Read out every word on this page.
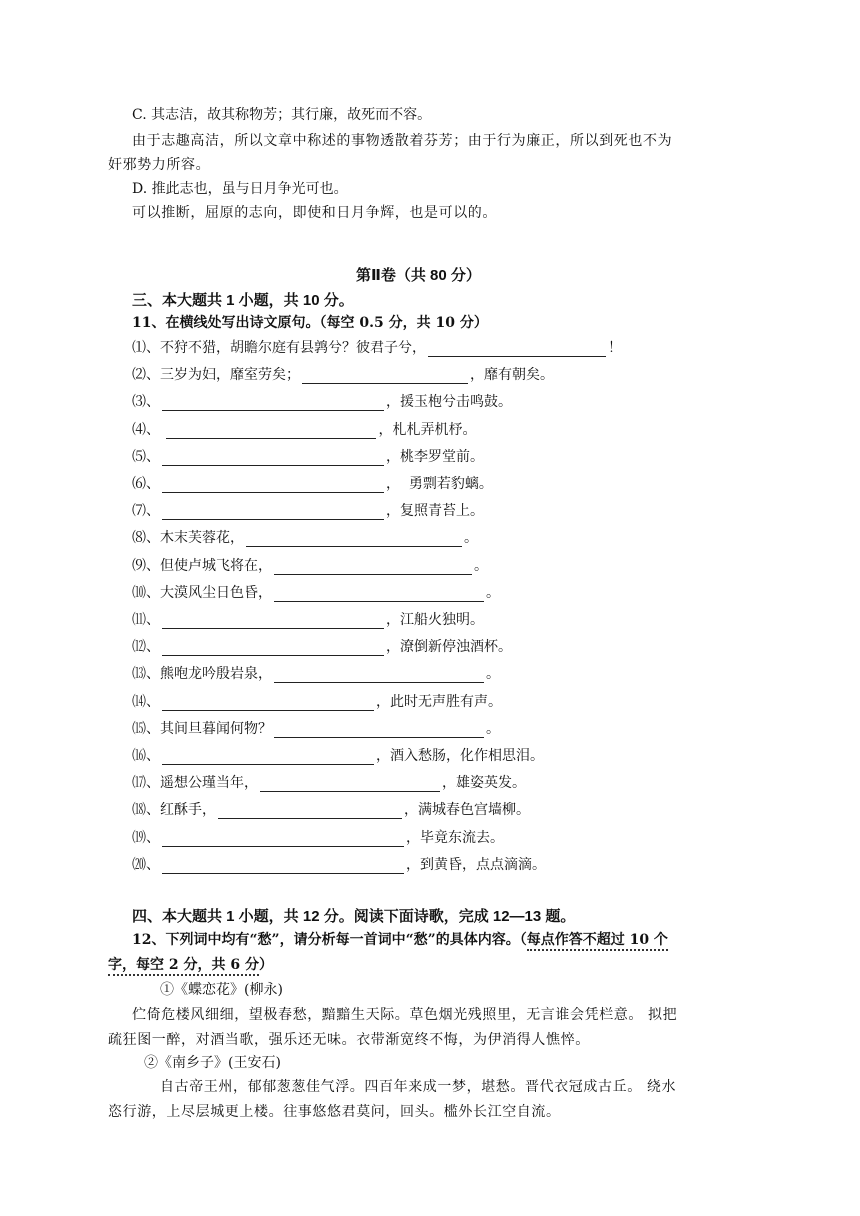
C. 其志洁，故其称物芳；其行廉，故死而不容。
由于志趣高洁，所以文章中称述的事物透散着芬芳；由于行为廉正，所以到死也不为
奸邪势力所容。
D. 推此志也，虽与日月争光可也。
可以推断，屈原的志向，即使和日月争辉，也是可以的。
第Ⅱ卷（共 80 分）
三、本大题共 1 小题，共 10 分。
11、在横线处写出诗文原句。（每空 0.5 分，共 10 分）
⑴、 不狩不猎，胡瞻尔庭有县鹑兮？彼君子兮，	！
⑵、 三岁为妇，靡室劳矣；	，靡有朝矣。
⑶、	，援玉枹兮击鸣鼓。
⑷、
	，札札弄机杼。
⑸、	，桃李罗堂前。
⑹、	，  勇剽若豹螭。
⑺、	，复照青苔上。
⑻、 木末芙蓉花，	。
⑼、 但使卢城飞将在，	。
⑽、 大漠风尘日色昏，	。
⑾、	，江船火独明。
⑿、	，潦倒新停浊酒杯。
⒀、 熊咆龙吟殷岩泉，	。
⒁、	，此时无声胜有声。
⒂、 其间旦暮闻何物？	。
⒃、	，酒入愁肠，化作相思泪。
⒄、 遥想公瑾当年，	，雄姿英发。
⒅、 红酥手，	，满城春色宫墙柳。
⒆、	，毕竟东流去。
⒇、	，到黄昏，点点滴滴。
四、本大题共 1 小题，共 12 分。阅读下面诗歌，完成 12—13 题。
12、下列词中均有“愁”，请分析每一首词中“愁”的具体内容。（每点作答不超过 10 个
字，每空 2 分，共 6 分）
①《蝶恋花》(柳永)
伫倚危楼风细细，望极春愁，黯黯生天际。草色烟光残照里，无言谁会凭栏意。 拟把
疏狂图一醉，对酒当歌，强乐还无味。衣带渐宽终不悔，为伊消得人憔悴。
②《南乡子》(王安石)
自古帝王州，郁郁葱葱佳气浮。四百年来成一梦，堪愁。晋代衣冠成古丘。 绕水
恣行游，上尽层城更上楼。往事悠悠君莫问，回头。槛外长江空自流。
